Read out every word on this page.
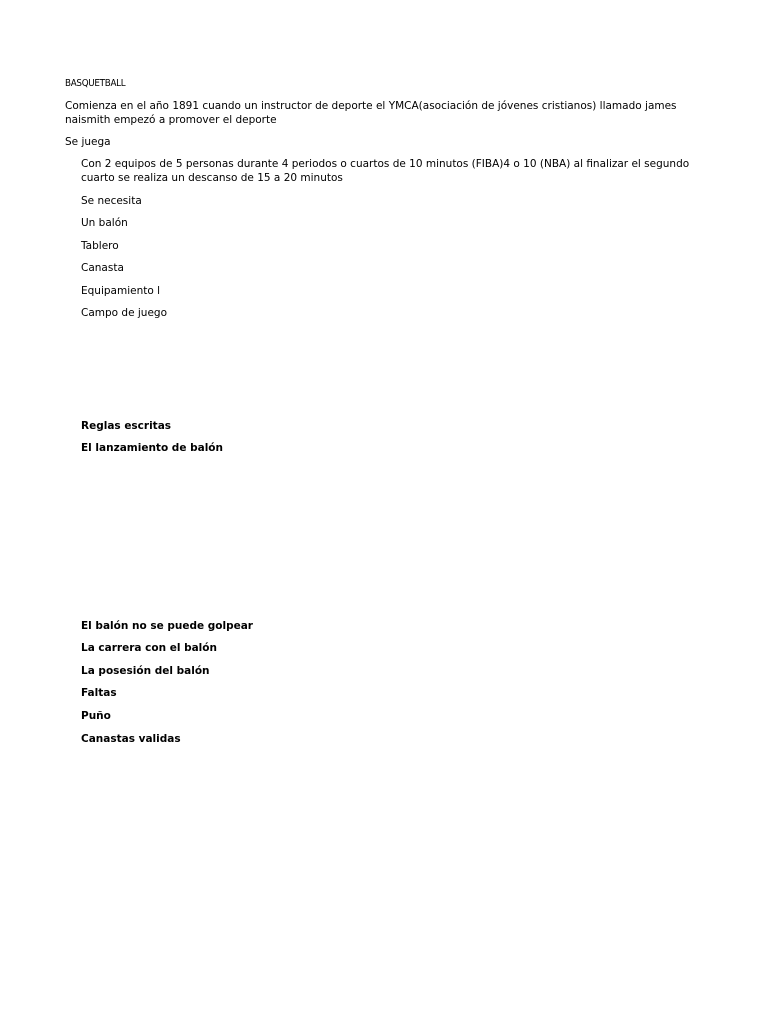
BASQUETBALL
Comienza en el año 1891 cuando un instructor de deporte el YMCA(asociación de jóvenes cristianos) llamado james naismith empezó a promover el deporte
Se juega
Con 2 equipos de 5 personas durante 4 periodos o cuartos de 10 minutos (FIBA)4 o 10 (NBA) al finalizar el segundo cuarto se realiza un descanso de 15 a 20 minutos
Se necesita
Un balón
Tablero
Canasta
Equipamiento l
Campo de juego
Reglas escritas
El lanzamiento de balón
El balón no se puede golpear
La carrera con el balón
La posesión del balón
Faltas
Puño
Canastas validas
